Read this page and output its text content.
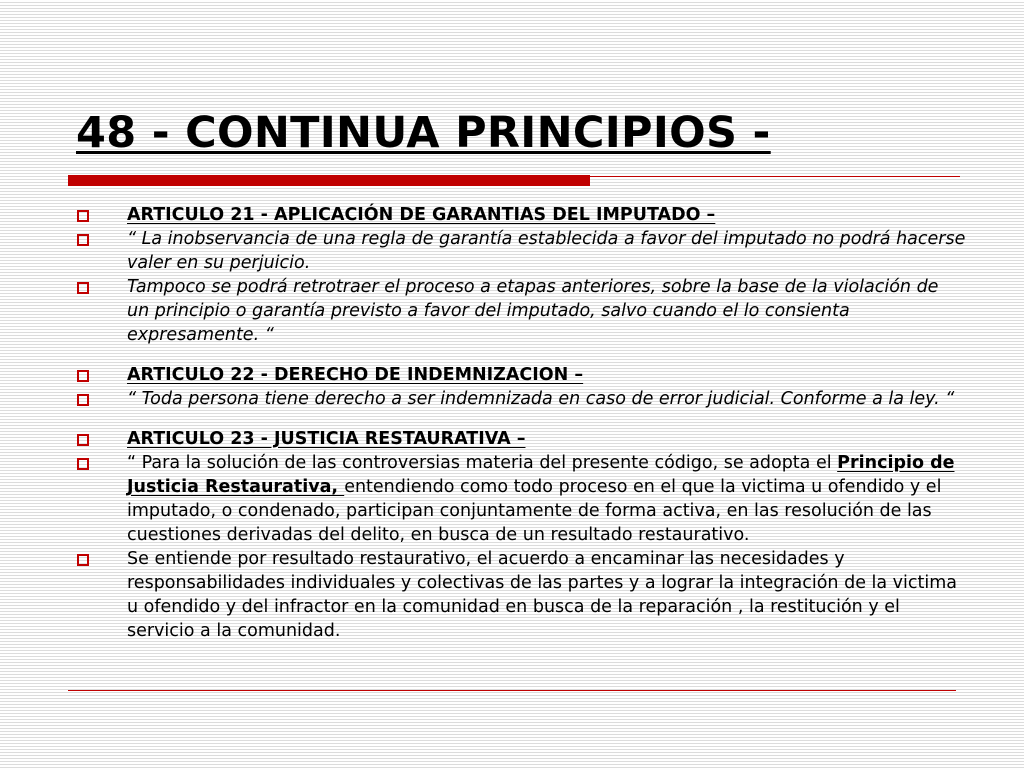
48 - CONTINUA PRINCIPIOS -
ARTICULO 21 - APLICACIÓN DE GARANTIAS DEL IMPUTADO –
“ La inobservancia de una regla de garantía establecida a favor del imputado no podrá hacerse valer en su perjuicio.
Tampoco se podrá retrotraer el proceso a etapas anteriores, sobre la base de la violación de un principio o garantía previsto a favor del imputado, salvo cuando el lo consienta expresamente. “
ARTICULO 22 - DERECHO DE INDEMNIZACION –
“ Toda persona tiene derecho a ser indemnizada en caso de error judicial. Conforme a la ley. “
ARTICULO 23 - JUSTICIA RESTAURATIVA –
“ Para la solución de las controversias materia del presente código, se adopta el Principio de Justicia Restaurativa, entendiendo como todo proceso en el que la victima u ofendido y el imputado, o condenado, participan conjuntamente de forma activa, en las resolución de las cuestiones derivadas del delito, en busca de un resultado restaurativo.
Se entiende por resultado restaurativo, el acuerdo a encaminar las necesidades y responsabilidades individuales y colectivas de las partes y a lograr la integración de la victima u ofendido y del infractor en la comunidad en busca de la reparación , la restitución y el servicio a la comunidad.
